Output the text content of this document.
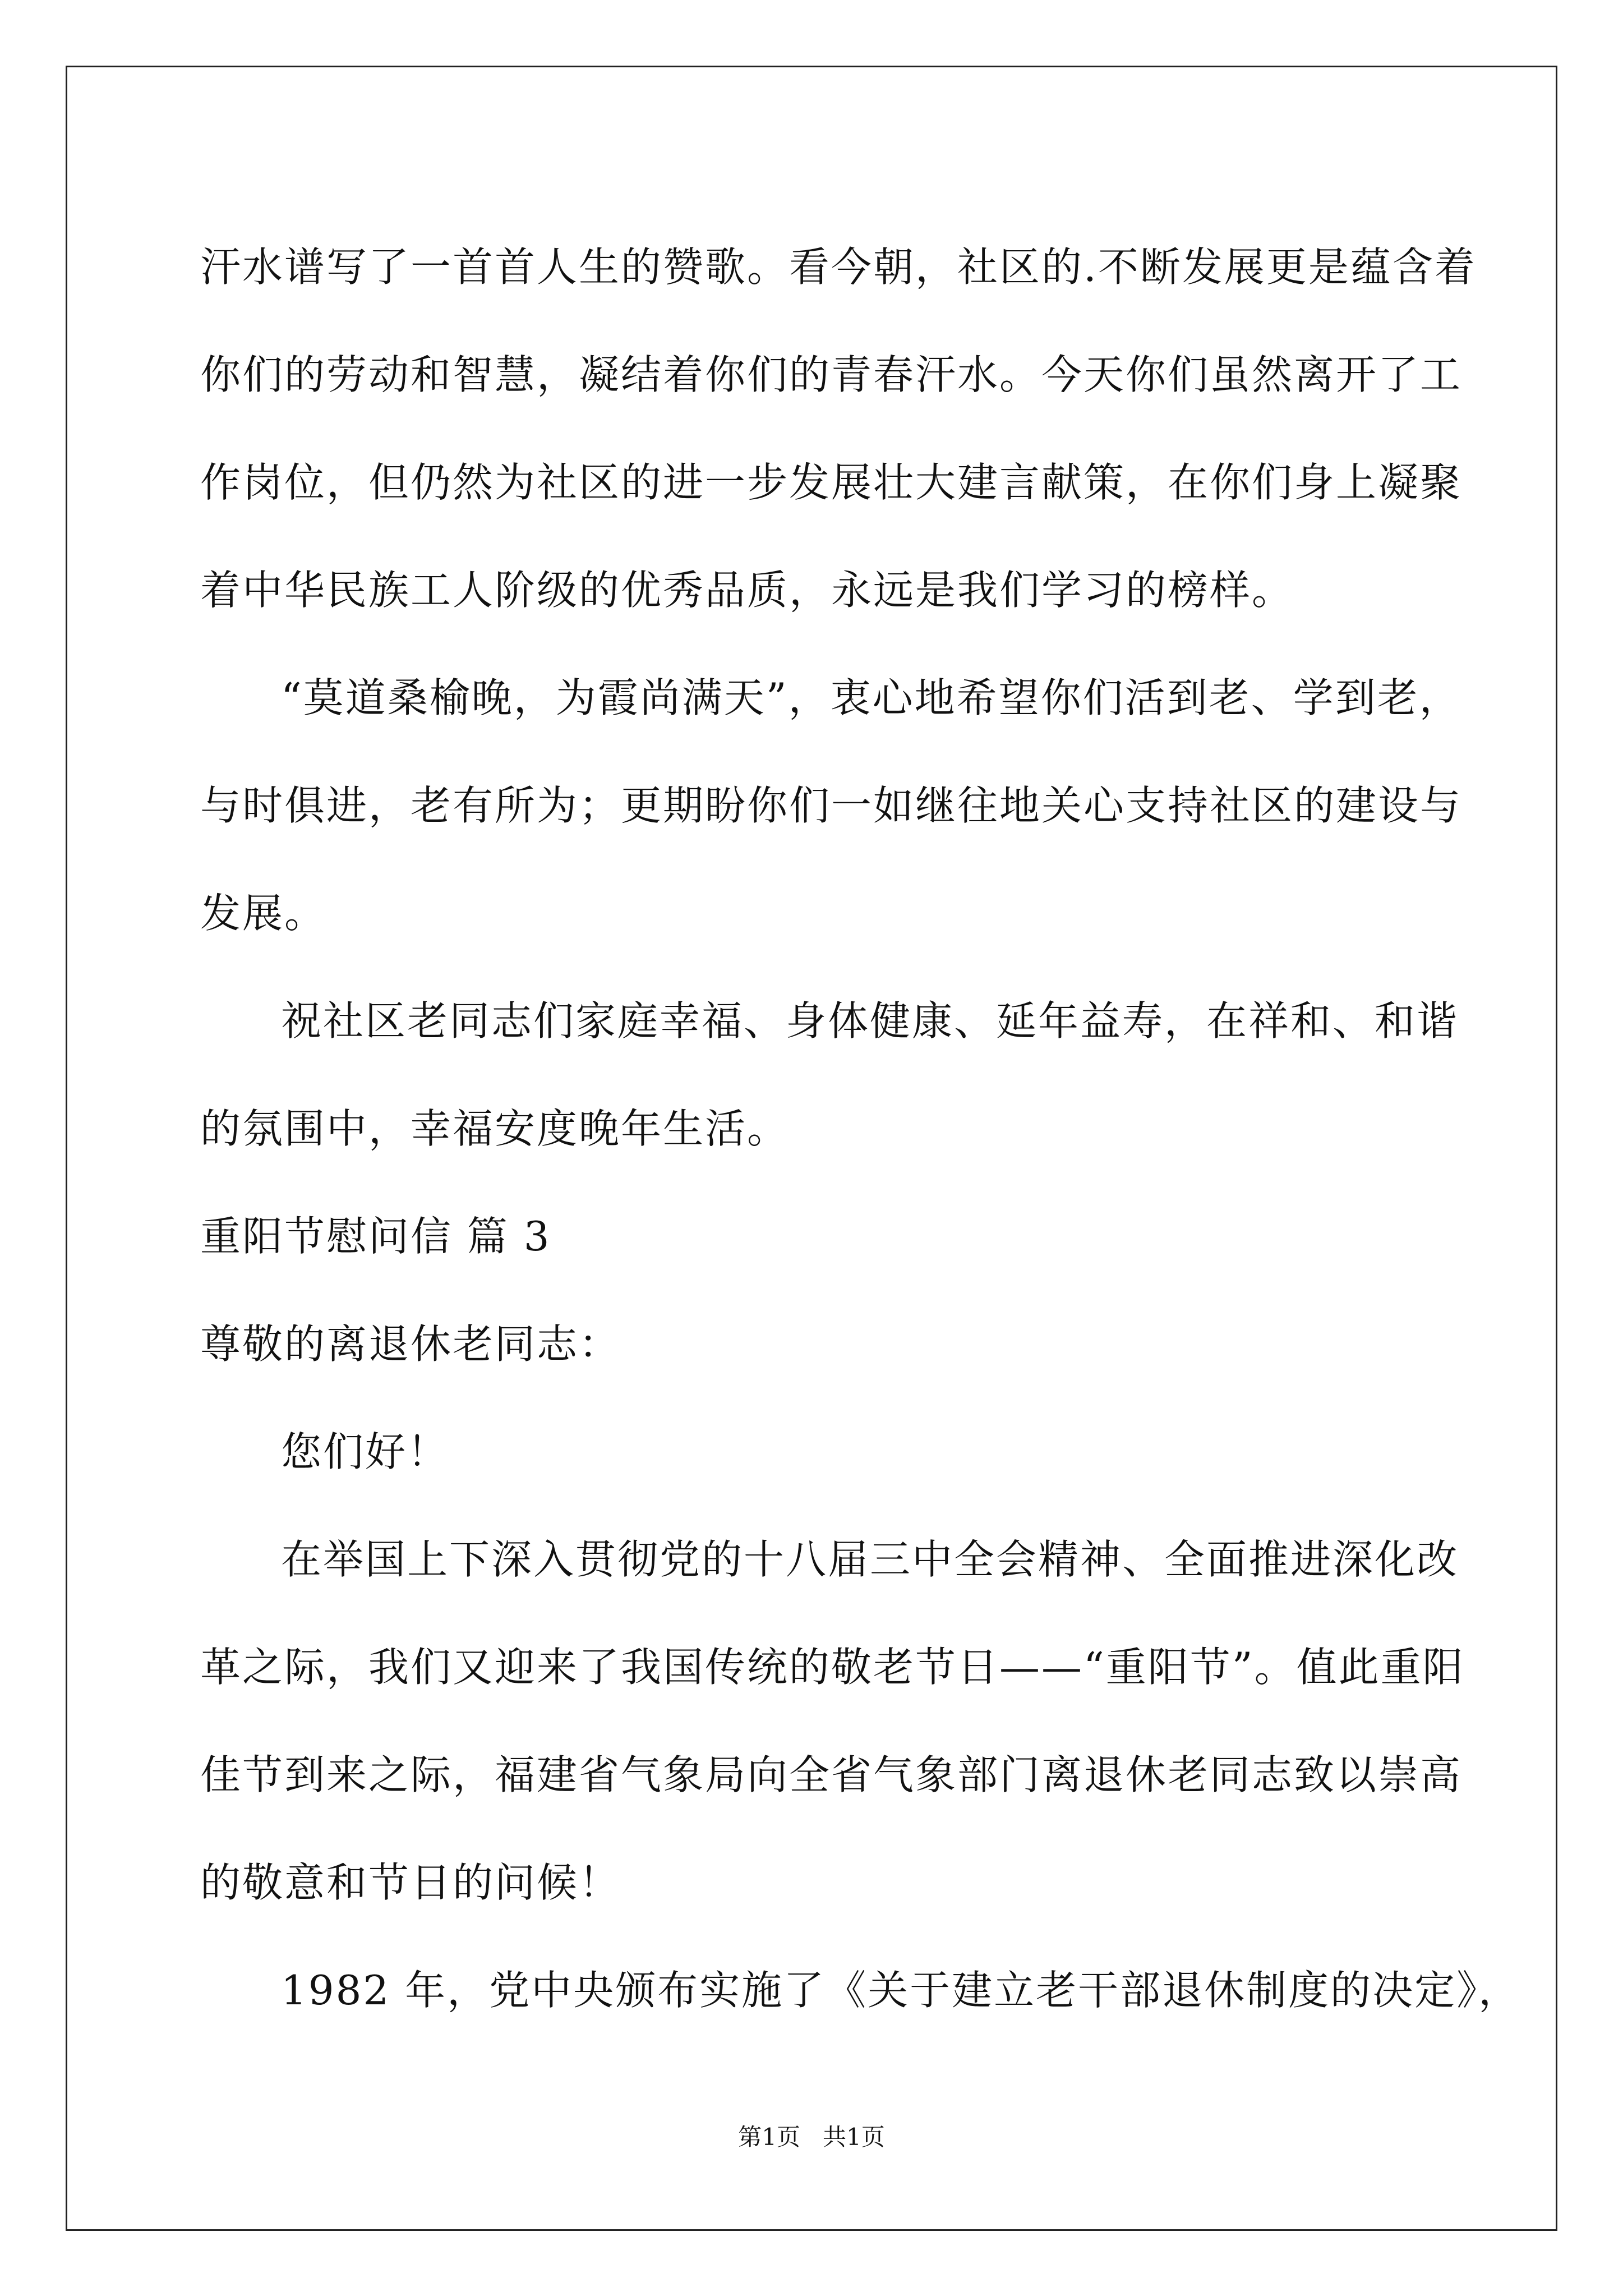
汗水谱写了一首首人生的赞歌。看今朝，社区的.不断发展更是蕴含着
你们的劳动和智慧，凝结着你们的青春汗水。今天你们虽然离开了工
作岗位，但仍然为社区的进一步发展壮大建言献策，在你们身上凝聚
着中华民族工人阶级的优秀品质，永远是我们学习的榜样。
“莫道桑榆晚，为霞尚满天”，衷心地希望你们活到老、学到老，
与时俱进，老有所为；更期盼你们一如继往地关心支持社区的建设与
发展。
祝社区老同志们家庭幸福、身体健康、延年益寿，在祥和、和谐
的氛围中，幸福安度晚年生活。
重阳节慰问信 篇 3
尊敬的离退休老同志：
您们好！
在举国上下深入贯彻党的十八届三中全会精神、全面推进深化改
革之际，我们又迎来了我国传统的敬老节日——“重阳节”。值此重阳
佳节到来之际，福建省气象局向全省气象部门离退休老同志致以崇高
的敬意和节日的问候！
1982 年，党中央颁布实施了《关于建立老干部退休制度的决定》，
第1页   共1页
